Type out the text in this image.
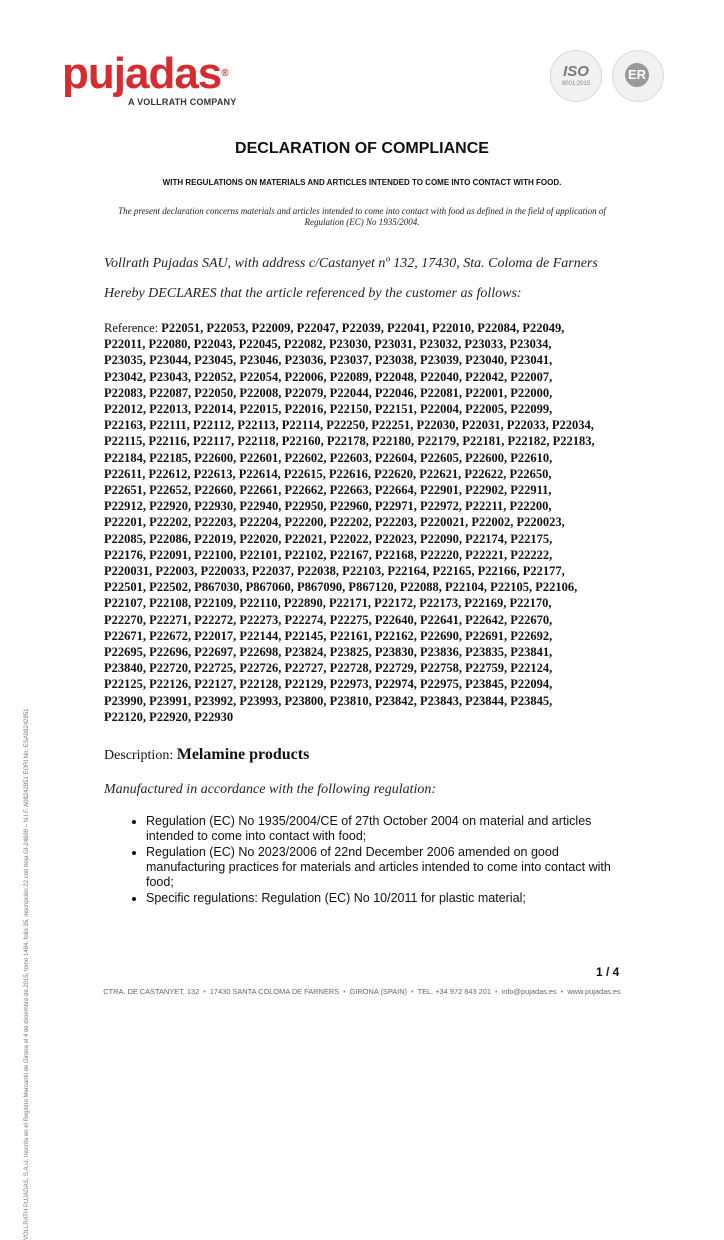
pujadas®
A VOLLRATH COMPANY
ISO
9001:2015
ER
VOLLRATH PUJADAS, S.A.U. Inscrita en el Registro Mercantil de Girona el 4 de diciembre de 2015, tomo 1484, folio 35, inscripción 22 con hoja GI-24699 – N.I.F. A08242851 EORI No. ESA08242851
DECLARATION OF COMPLIANCE
WITH REGULATIONS ON MATERIALS AND ARTICLES INTENDED TO COME INTO CONTACT WITH FOOD.
The present declaration concerns materials and articles intended to come into contact with food as defined in the field of application of Regulation (EC) No 1935/2004.
Vollrath Pujadas SAU, with address c/Castanyet nº 132, 17430, Sta. Coloma de Farners
Hereby DECLARES that the article referenced by the customer as follows:
Reference: P22051, P22053, P22009, P22047, P22039, P22041, P22010, P22084, P22049, P22011, P22080, P22043, P22045, P22082, P23030, P23031, P23032, P23033, P23034, P23035, P23044, P23045, P23046, P23036, P23037, P23038, P23039, P23040, P23041, P23042, P23043, P22052, P22054, P22006, P22089, P22048, P22040, P22042, P22007, P22083, P22087, P22050, P22008, P22079, P22044, P22046, P22081, P22001, P22000, P22012, P22013, P22014, P22015, P22016, P22150, P22151, P22004, P22005, P22099, P22163, P22111, P22112, P22113, P22114, P22250, P22251, P22030, P22031, P22033, P22034, P22115, P22116, P22117, P22118, P22160, P22178, P22180, P22179, P22181, P22182, P22183, P22184, P22185, P22600, P22601, P22602, P22603, P22604, P22605, P22600, P22610, P22611, P22612, P22613, P22614, P22615, P22616, P22620, P22621, P22622, P22650, P22651, P22652, P22660, P22661, P22662, P22663, P22664, P22901, P22902, P22911, P22912, P22920, P22930, P22940, P22950, P22960, P22971, P22972, P22211, P22200, P22201, P22202, P22203, P22204, P22200, P22202, P22203, P220021, P22002, P220023, P22085, P22086, P22019, P22020, P22021, P22022, P22023, P22090, P22174, P22175, P22176, P22091, P22100, P22101, P22102, P22167, P22168, P22220, P22221, P22222, P220031, P22003, P220033, P22037, P22038, P22103, P22164, P22165, P22166, P22177, P22501, P22502, P867030, P867060, P867090, P867120, P22088, P22104, P22105, P22106, P22107, P22108, P22109, P22110, P22890, P22171, P22172, P22173, P22169, P22170, P22270, P22271, P22272, P22273, P22274, P22275, P22640, P22641, P22642, P22670, P22671, P22672, P22017, P22144, P22145, P22161, P22162, P22690, P22691, P22692, P22695, P22696, P22697, P22698, P23824, P23825, P23830, P23836, P23835, P23841, P23840, P22720, P22725, P22726, P22727, P22728, P22729, P22758, P22759, P22124, P22125, P22126, P22127, P22128, P22129, P22973, P22974, P22975, P23845, P22094, P23990, P23991, P23992, P23993, P23800, P23810, P23842, P23843, P23844, P23845, P22120, P22920, P22930
Description: Melamine products
Manufactured in accordance with the following regulation:
• Regulation (EC) No 1935/2004/CE of 27th October 2004 on material and articles intended to come into contact with food;
• Regulation (EC) No 2023/2006 of 22nd December 2006 amended on good manufacturing practices for materials and articles intended to come into contact with food;
• Specific regulations: Regulation (EC) No 10/2011 for plastic material;
1 / 4
CTRA. DE CASTANYET, 132 • 17430 SANTA COLOMA DE FARNERS • GIRONA (SPAIN) • TEL. +34 972 843 201 • info@pujadas.es • www.pujadas.es
